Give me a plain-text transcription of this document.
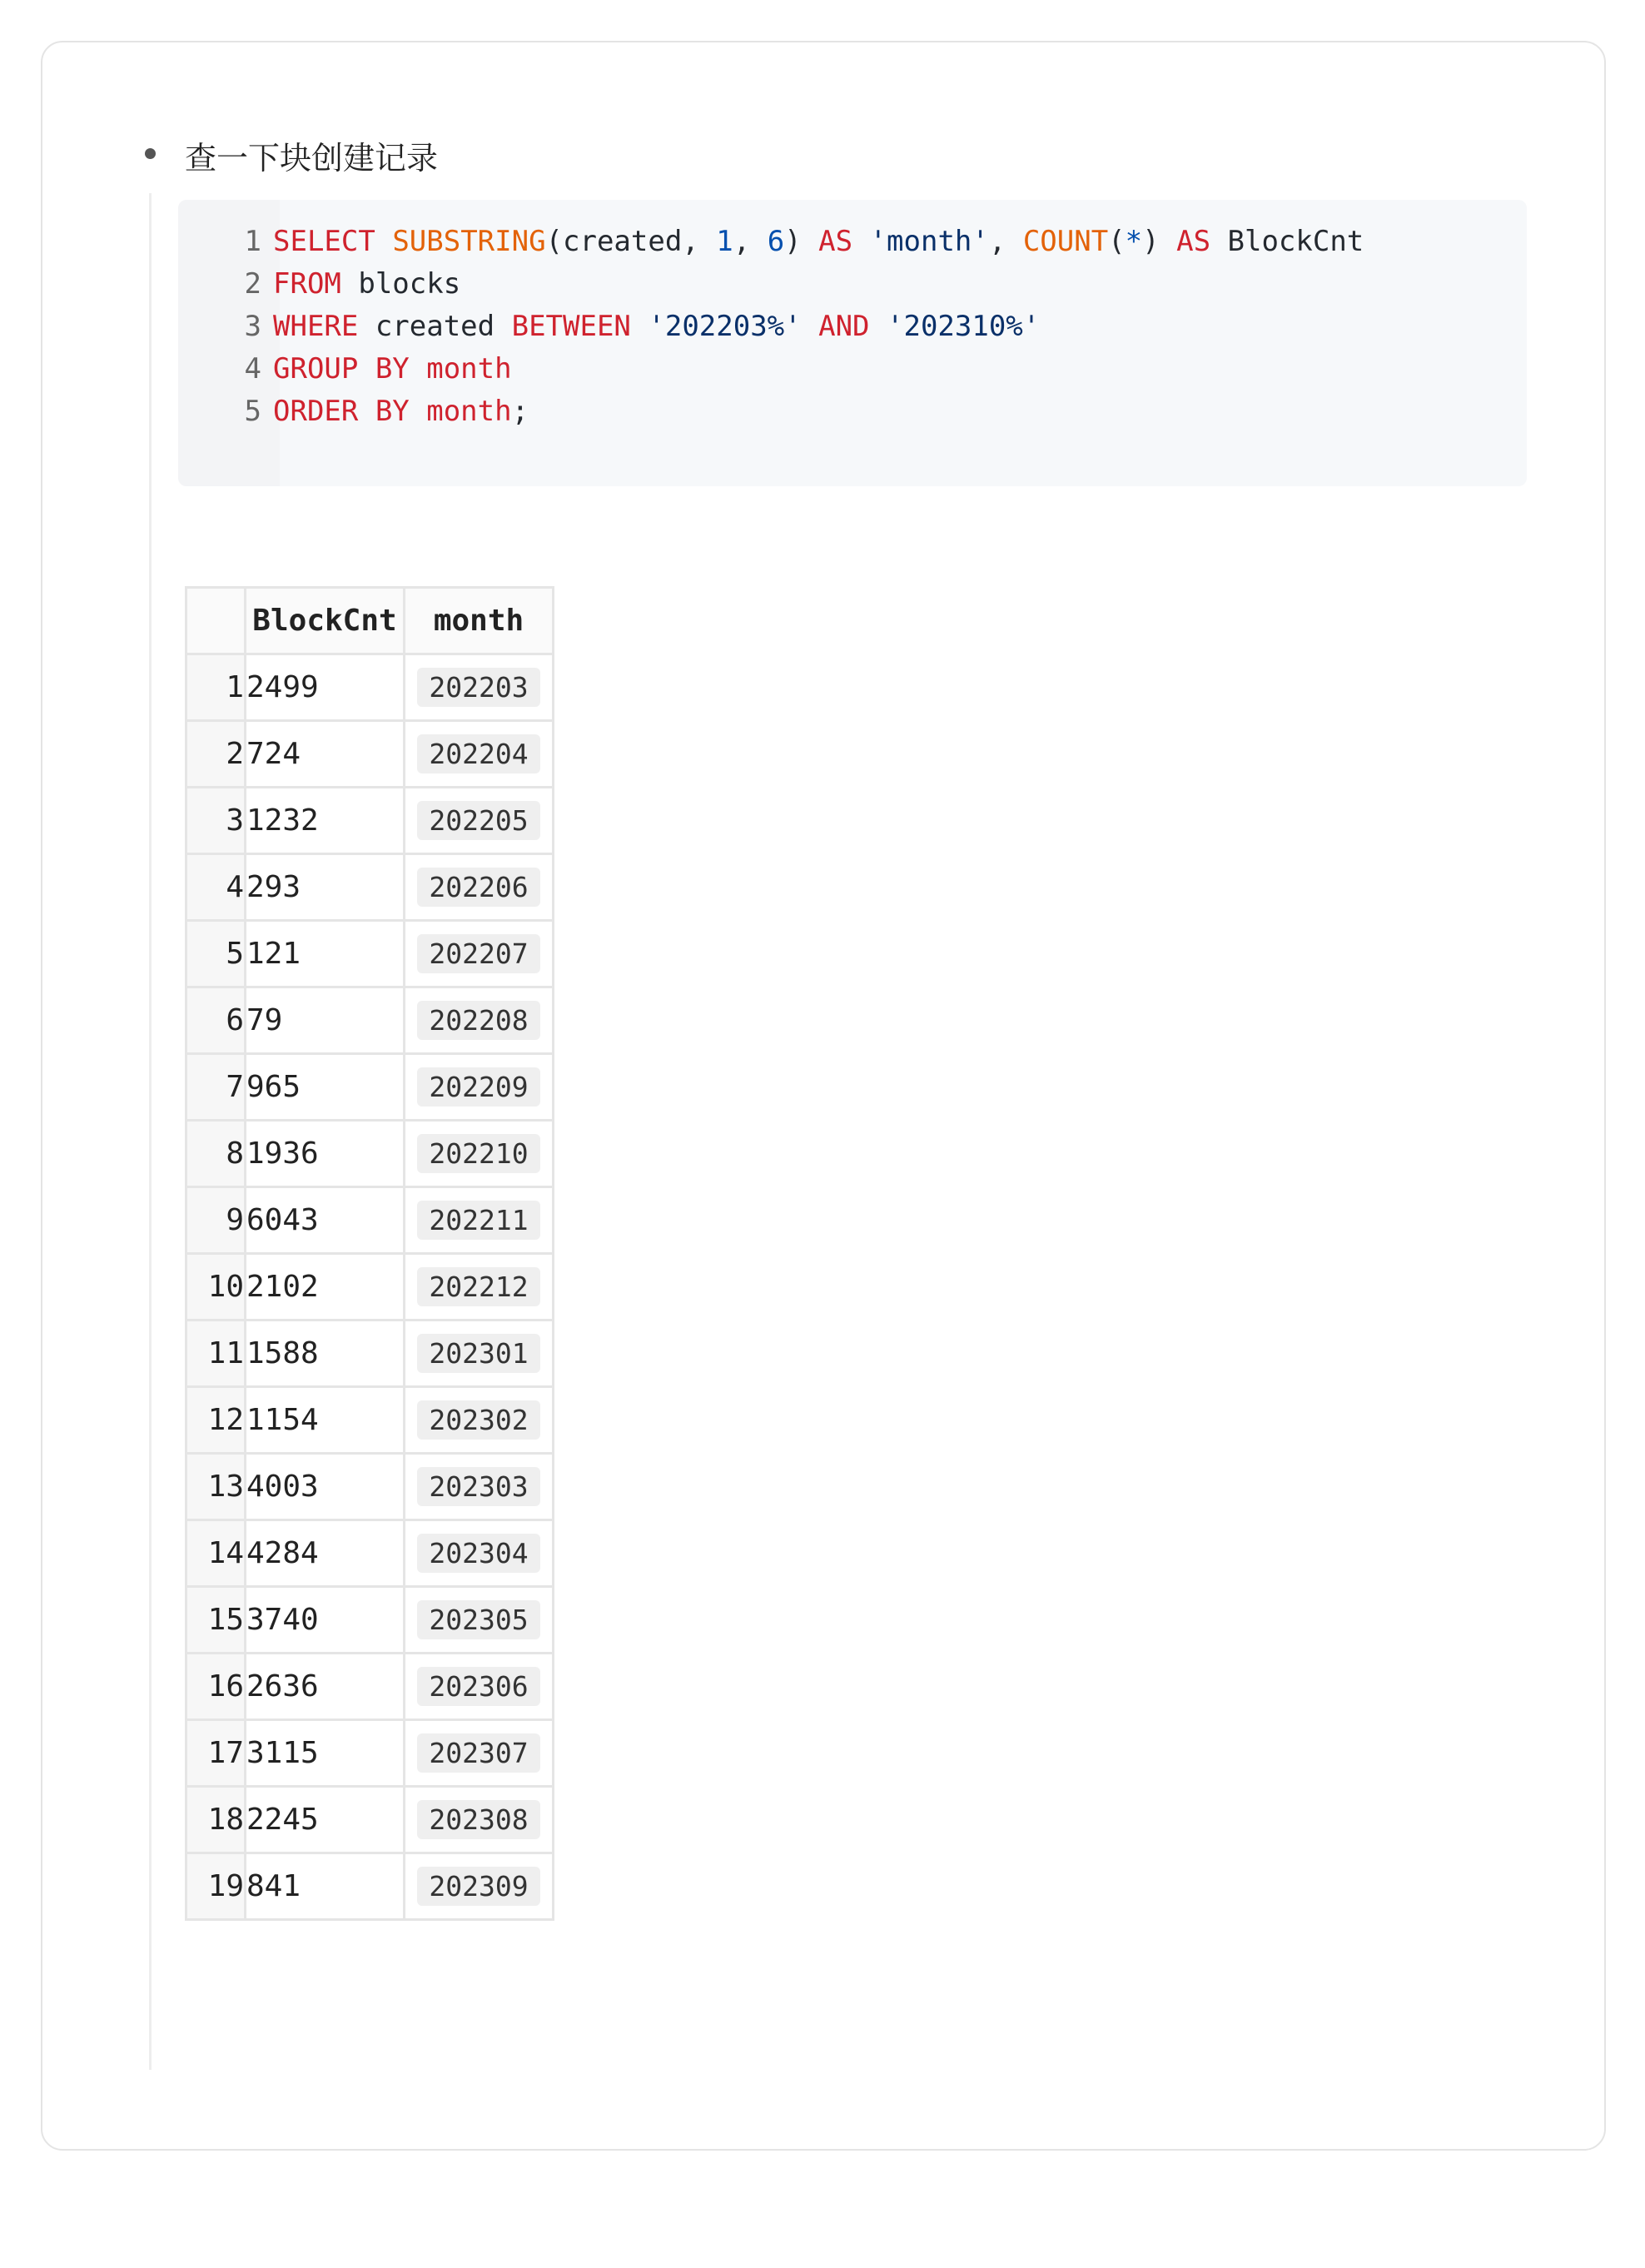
查一下块创建记录
1 SELECT SUBSTRING(created, 1, 6) AS 'month', COUNT(*) AS BlockCnt
2 FROM blocks
3 WHERE created BETWEEN '202203%' AND '202310%'
4 GROUP BY month
5 ORDER BY month;
	BlockCnt	month
1	2499	202203
2	724	202204
3	1232	202205
4	293	202206
5	121	202207
6	79	202208
7	965	202209
8	1936	202210
9	6043	202211
10	2102	202212
11	1588	202301
12	1154	202302
13	4003	202303
14	4284	202304
15	3740	202305
16	2636	202306
17	3115	202307
18	2245	202308
19	841	202309
